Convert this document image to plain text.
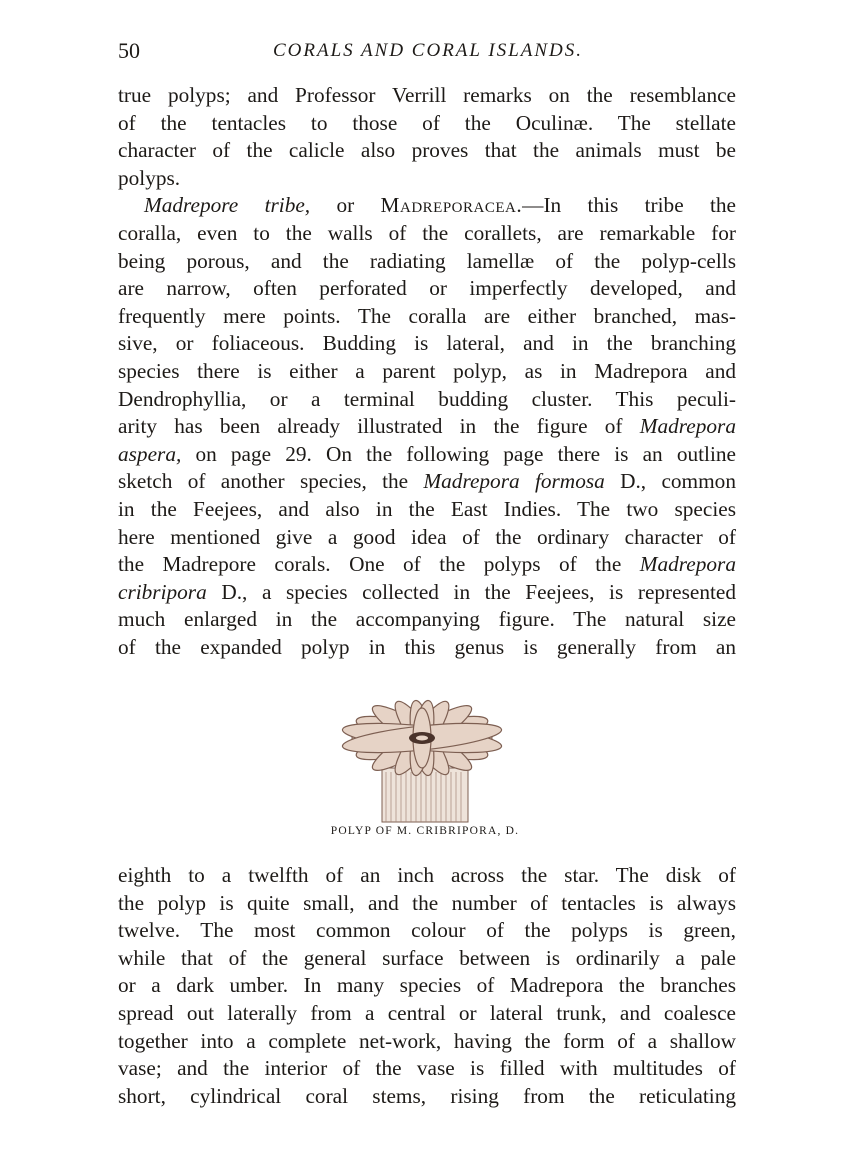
50	CORALS AND CORAL ISLANDS.
true polyps; and Professor Verrill remarks on the resemblance
of the tentacles to those of the Oculinæ. The stellate
character of the calicle also proves that the animals must be
polyps.
Madrepore tribe, or Madreporacea.—In this tribe the
coralla, even to the walls of the corallets, are remarkable for
being porous, and the radiating lamellæ of the polyp-cells
are narrow, often perforated or imperfectly developed, and
frequently mere points. The coralla are either branched, mas-
sive, or foliaceous. Budding is lateral, and in the branching
species there is either a parent polyp, as in Madrepora and
Dendrophyllia, or a terminal budding cluster. This peculi-
arity has been already illustrated in the figure of Madrepora
aspera, on page 29. On the following page there is an outline
sketch of another species, the Madrepora formosa D., common
in the Feejees, and also in the East Indies. The two species
here mentioned give a good idea of the ordinary character of
the Madrepore corals. One of the polyps of the Madrepora
cribripora D., a species collected in the Feejees, is represented
much enlarged in the accompanying figure. The natural size
of the expanded polyp in this genus is generally from an
POLYP OF M. CRIBRIPORA, D.
eighth to a twelfth of an inch across the star. The disk of
the polyp is quite small, and the number of tentacles is always
twelve. The most common colour of the polyps is green,
while that of the general surface between is ordinarily a pale
or a dark umber. In many species of Madrepora the branches
spread out laterally from a central or lateral trunk, and coalesce
together into a complete net-work, having the form of a shallow
vase; and the interior of the vase is filled with multitudes of
short, cylindrical coral stems, rising from the reticulating
